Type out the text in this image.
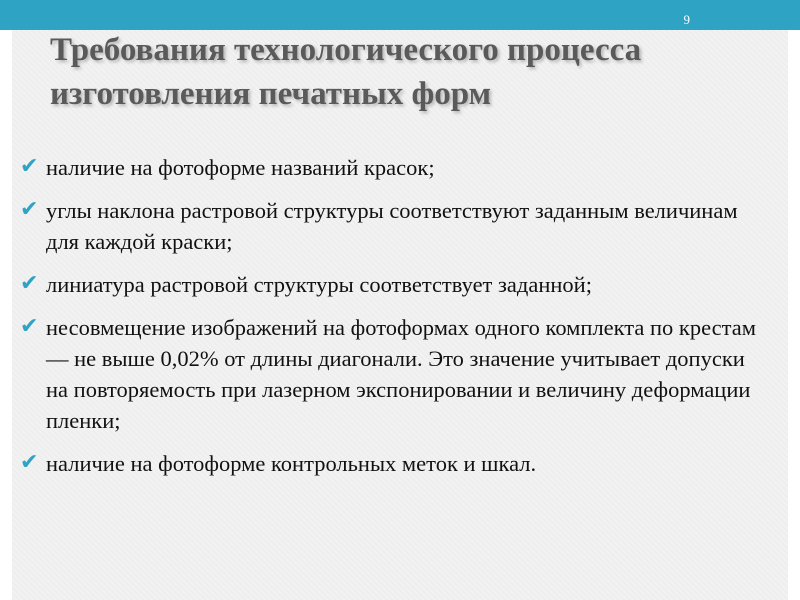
9
Требования технологического процесса изготовления печатных форм
✔ наличие на фотоформе названий красок;
✔ углы наклона растровой структуры соответствуют заданным величинам для каждой краски;
✔ линиатура растровой структуры соответствует заданной;
✔ несовмещение изображений на фотоформах одного комплекта по крестам — не выше 0,02% от длины диагонали. Это значение учитывает допуски на повторяемость при лазерном экспонировании и величину деформации пленки;
✔ наличие на фотоформе контрольных меток и шкал.
